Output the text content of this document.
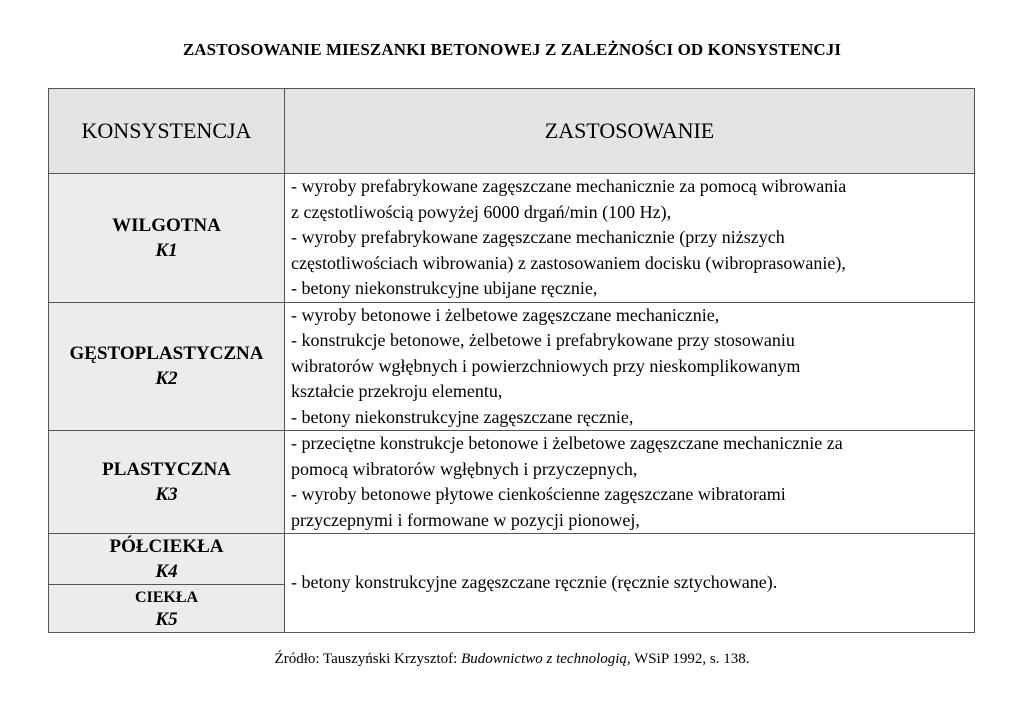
ZASTOSOWANIE MIESZANKI BETONOWEJ Z ZALEŻNOŚCI OD KONSYSTENCJI
KONSYSTENCJA	ZASTOSOWANIE
WILGOTNA
K1	- wyroby prefabrykowane zagęszczane mechanicznie za pomocą wibrowania
z częstotliwością powyżej 6000 drgań/min (100 Hz),
- wyroby prefabrykowane zagęszczane mechanicznie (przy niższych
częstotliwościach wibrowania) z zastosowaniem docisku (wibroprasowanie),
- betony niekonstrukcyjne ubijane ręcznie,

GĘSTOPLASTYCZNA
K2	- wyroby betonowe i żelbetowe zagęszczane mechanicznie,
- konstrukcje betonowe, żelbetowe i prefabrykowane przy stosowaniu
wibratorów wgłębnych i powierzchniowych przy nieskomplikowanym
kształcie przekroju elementu,
- betony niekonstrukcyjne zagęszczane ręcznie,

PLASTYCZNA
K3	- przeciętne konstrukcje betonowe i żelbetowe zagęszczane mechanicznie za
pomocą wibratorów wgłębnych i przyczepnych,
- wyroby betonowe płytowe cienkościenne zagęszczane wibratorami
przyczepnymi i formowane w pozycji pionowej,

PÓŁCIEKŁA
K4	- betony konstrukcyjne zagęszczane ręcznie (ręcznie sztychowane).

CIEKŁA
K5	
Źródło: Tauszyński Krzysztof: Budownictwo z technologią, WSiP 1992, s. 138.
